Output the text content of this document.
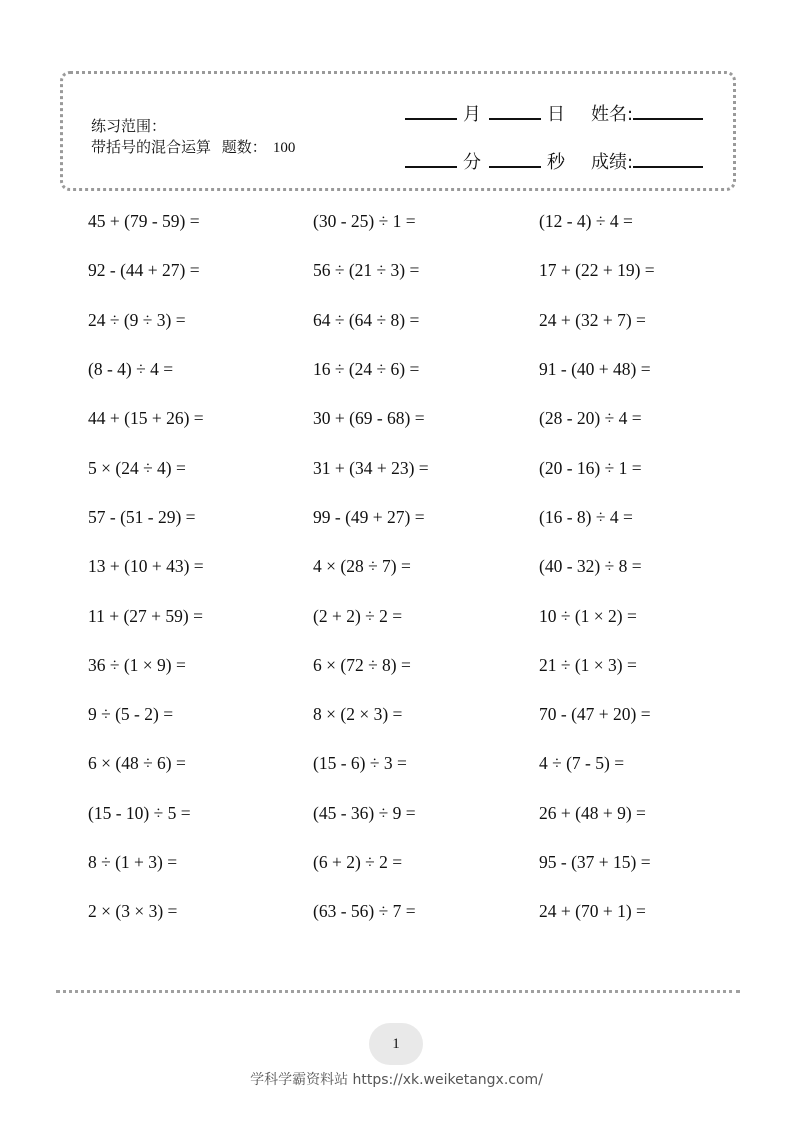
练习范围：
带括号的混合运算 题数： 100
月	日 姓名:
分	秒 成绩:
45 + (79 - 59) =	(30 - 25) ÷ 1 =	(12 - 4) ÷ 4 =
92 - (44 + 27) =	56 ÷ (21 ÷ 3) =	17 + (22 + 19) =
24 ÷ (9 ÷ 3) =	64 ÷ (64 ÷ 8) =	24 + (32 + 7) =
(8 - 4) ÷ 4 =	16 ÷ (24 ÷ 6) =	91 - (40 + 48) =
44 + (15 + 26) =	30 + (69 - 68) =	(28 - 20) ÷ 4 =
5 × (24 ÷ 4) =	31 + (34 + 23) =	(20 - 16) ÷ 1 =
57 - (51 - 29) =	99 - (49 + 27) =	(16 - 8) ÷ 4 =
13 + (10 + 43) =	4 × (28 ÷ 7) =	(40 - 32) ÷ 8 =
11 + (27 + 59) =	(2 + 2) ÷ 2 =	10 ÷ (1 × 2) =
36 ÷ (1 × 9) =	6 × (72 ÷ 8) =	21 ÷ (1 × 3) =
9 ÷ (5 - 2) =	8 × (2 × 3) =	70 - (47 + 20) =
6 × (48 ÷ 6) =	(15 - 6) ÷ 3 =	4 ÷ (7 - 5) =
(15 - 10) ÷ 5 =	(45 - 36) ÷ 9 =	26 + (48 + 9) =
8 ÷ (1 + 3) =	(6 + 2) ÷ 2 =	95 - (37 + 15) =
2 × (3 × 3) =	(63 - 56) ÷ 7 =	24 + (70 + 1) =
1
学科学霸资料站 https://xk.weiketangx.com/
